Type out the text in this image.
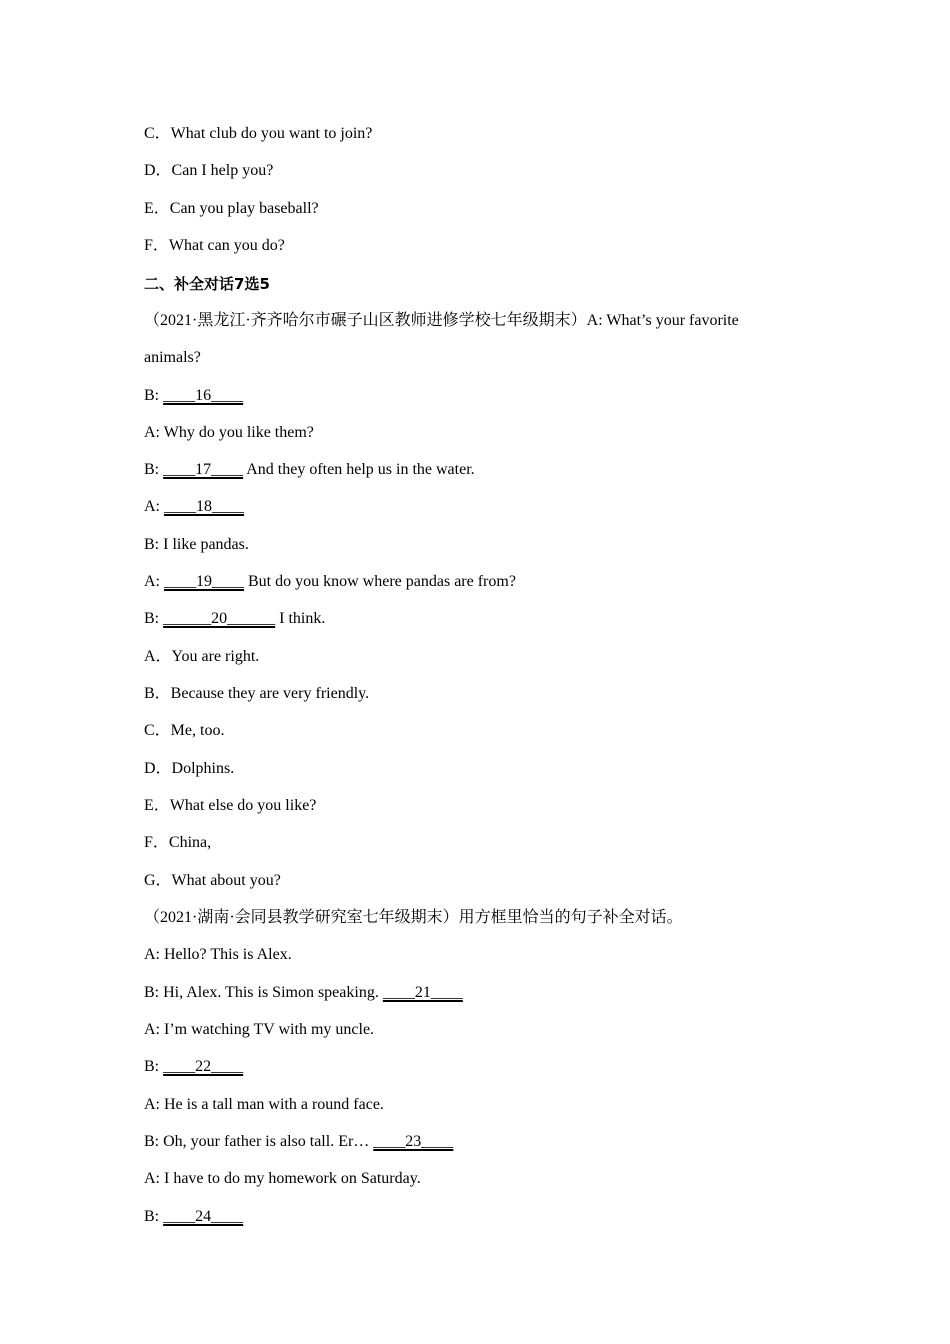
C．What club do you want to join?
D．Can I help you?
E．Can you play baseball?
F．What can you do?
二、补全对话7选5
（2021·黑龙江·齐齐哈尔市碾子山区教师进修学校七年级期末）A: What’s your favorite
animals?
B: ____16____
A: Why do you like them?
B: ____17____ And they often help us in the water.
A: ____18____
B: I like pandas.
A: ____19____ But do you know where pandas are from?
B: ______20______ I think.
A．You are right.
B．Because they are very friendly.
C．Me, too.
D．Dolphins.
E．What else do you like?
F．China,
G．What about you?
（2021·湖南·会同县教学研究室七年级期末）用方框里恰当的句子补全对话。
A: Hello? This is Alex.
B: Hi, Alex. This is Simon speaking. ____21____
A: I’m watching TV with my uncle.
B: ____22____
A: He is a tall man with a round face.
B: Oh, your father is also tall. Er… ____23____
A: I have to do my homework on Saturday.
B: ____24____
